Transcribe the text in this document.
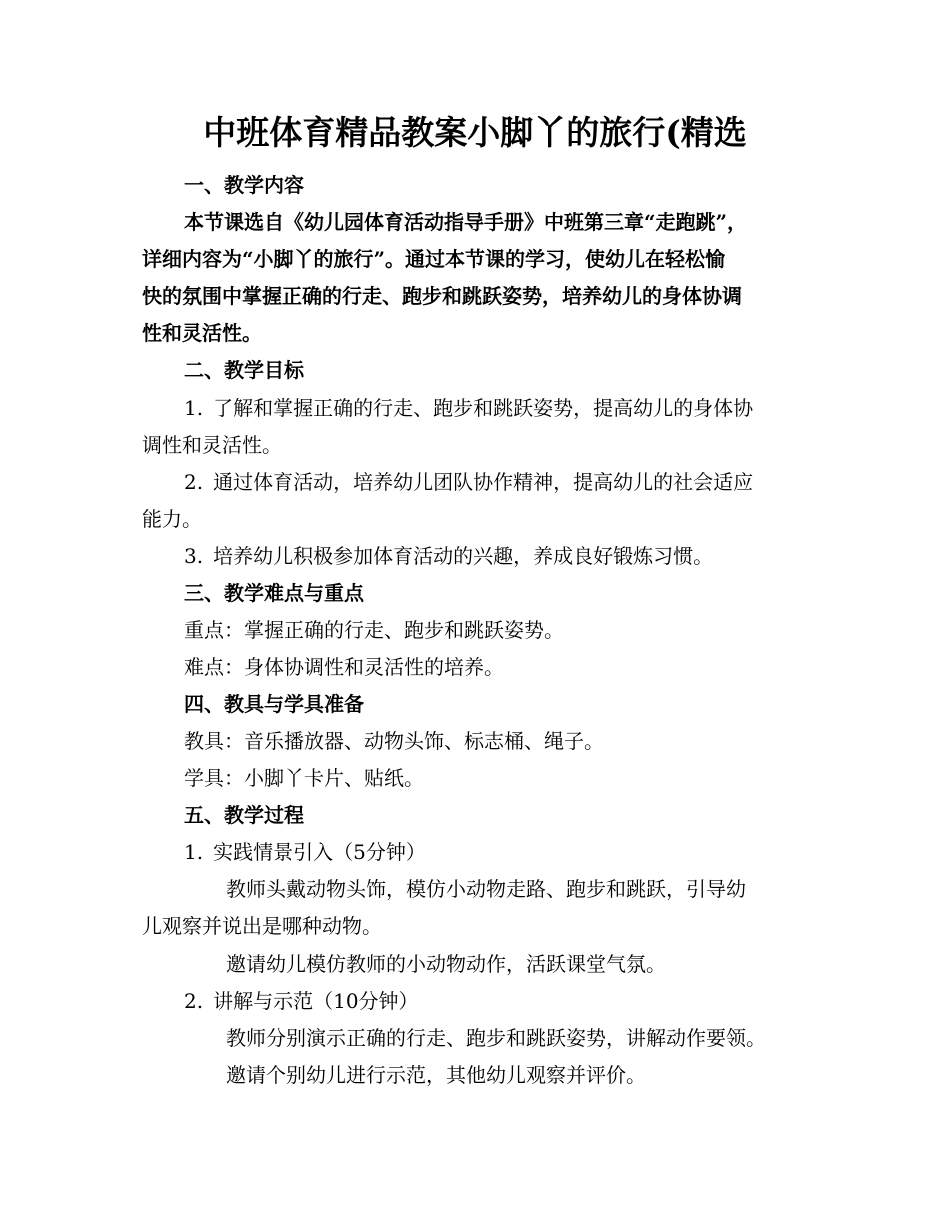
中班体育精品教案小脚丫的旅行(精选

一、教学内容

本节课选自《幼儿园体育活动指导手册》中班第三章“走跑跳”，

详细内容为“小脚丫的旅行”。通过本节课的学习，使幼儿在轻松愉

快的氛围中掌握正确的行走、跑步和跳跃姿势，培养幼儿的身体协调

性和灵活性。

二、教学目标

1. 了解和掌握正确的行走、跑步和跳跃姿势，提高幼儿的身体协

调性和灵活性。

2. 通过体育活动，培养幼儿团队协作精神，提高幼儿的社会适应

能力。

3. 培养幼儿积极参加体育活动的兴趣，养成良好锻炼习惯。

三、教学难点与重点

重点：掌握正确的行走、跑步和跳跃姿势。

难点：身体协调性和灵活性的培养。

四、教具与学具准备

教具：音乐播放器、动物头饰、标志桶、绳子。

学具：小脚丫卡片、贴纸。

五、教学过程

1. 实践情景引入（5分钟）

教师头戴动物头饰，模仿小动物走路、跑步和跳跃，引导幼

儿观察并说出是哪种动物。

邀请幼儿模仿教师的小动物动作，活跃课堂气氛。

2. 讲解与示范（10分钟）

教师分别演示正确的行走、跑步和跳跃姿势，讲解动作要领。

邀请个别幼儿进行示范，其他幼儿观察并评价。
